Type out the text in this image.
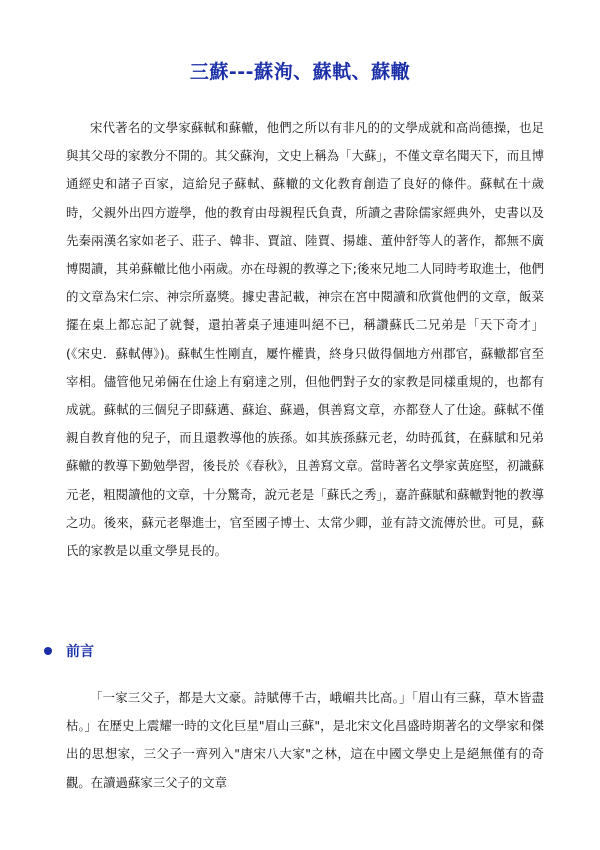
三蘇---蘇洵、蘇軾、蘇轍

宋代著名的文學家蘇軾和蘇轍，他們之所以有非凡的的文學成就和高尚德操，也足與其父母的家教分不開的。其父蘇洵，文史上稱為「大蘇」，不僅文章名聞天下，而且博通經史和諸子百家，這給兒子蘇軾、蘇轍的文化教育創造了良好的條件。蘇軾在十歲時，父親外出四方遊學，他的教育由母親程氏負責，所讀之書除儒家經典外，史書以及先秦兩漢名家如老子、莊子、韓非、賈誼、陸賈、揚雄、董仲舒等人的著作，都無不廣博閱讀，其弟蘇轍比他小兩歲。亦在母親的教導之下;後來兄地二人同時考取進士，他們的文章為宋仁宗、神宗所嘉獎。據史書記載，神宗在宮中閱讀和欣賞他們的文章，飯菜擺在桌上都忘記了就餐，還拍著桌子連連叫絕不已，稱讚蘇氏二兄弟是「天下奇才」(《宋史．蘇軾傳》)。蘇軾生性剛直，屢忤權貴，終身只做得個地方州郡官，蘇轍都官至宰相。儘管他兄弟倆在仕途上有窮達之別，但他們對子女的家教是同樣重規的，也都有成就。蘇軾的三個兒子即蘇邁、蘇迨、蘇過，俱善寫文章，亦都登人了仕途。蘇軾不僅親自教育他的兒子，而且還教導他的族孫。如其族孫蘇元老，幼時孤貧，在蘇賦和兄弟蘇轍的教導下勤勉學習，後長於《春秋》，且善寫文章。當時著名文學家黃庭堅，初識蘇元老，粗閱讀他的文章，十分驚奇，說元老是「蘇氏之秀」，嘉許蘇賦和蘇轍對牠的教導之功。後來，蘇元老舉進士，官至國子博士、太常少卿，並有詩文流傳於世。可見，蘇氏的家教是以重文學見長的。

前言

「一家三父子，都是大文豪。詩賦傳千古，峨嵋共比高。」「眉山有三蘇，草木皆盡枯。」在歷史上震耀一時的文化巨星"眉山三蘇"，是北宋文化昌盛時期著名的文學家和傑出的思想家，三父子一齊列入"唐宋八大家"之林，這在中國文學史上是絕無僅有的奇觀。在讀過蘇家三父子的文章
